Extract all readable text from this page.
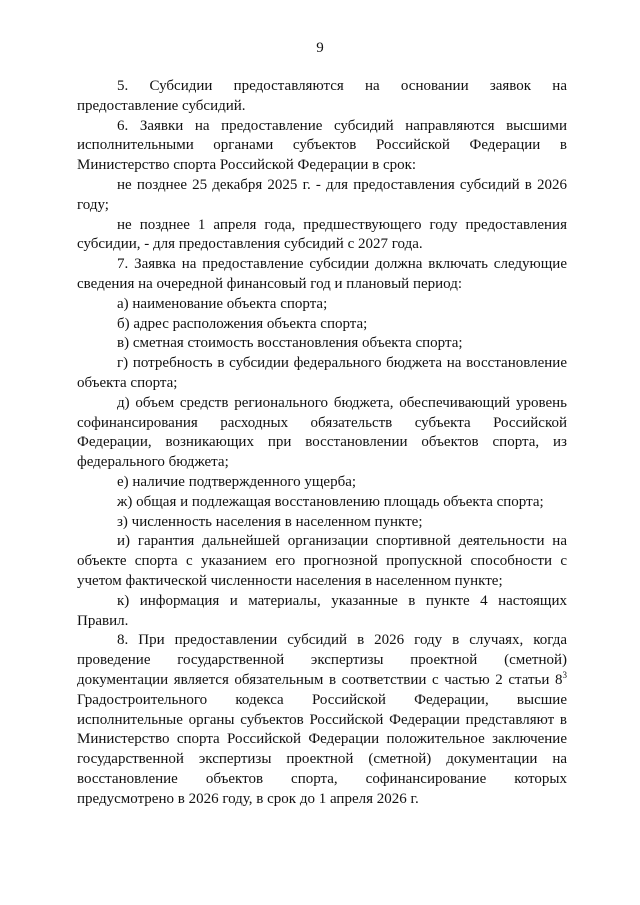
9

5. Субсидии предоставляются на основании заявок на предоставление субсидий.

6. Заявки на предоставление субсидий направляются высшими исполнительными органами субъектов Российской Федерации в Министерство спорта Российской Федерации в срок:

не позднее 25 декабря 2025 г. - для предоставления субсидий в 2026 году;

не позднее 1 апреля года, предшествующего году предоставления субсидии, - для предоставления субсидий с 2027 года.

7. Заявка на предоставление субсидии должна включать следующие сведения на очередной финансовый год и плановый период:

а) наименование объекта спорта;

б) адрес расположения объекта спорта;

в) сметная стоимость восстановления объекта спорта;

г) потребность в субсидии федерального бюджета на восстановление объекта спорта;

д) объем средств регионального бюджета, обеспечивающий уровень софинансирования расходных обязательств субъекта Российской Федерации, возникающих при восстановлении объектов спорта, из федерального бюджета;

е) наличие подтвержденного ущерба;

ж) общая и подлежащая восстановлению площадь объекта спорта;

з) численность населения в населенном пункте;

и) гарантия дальнейшей организации спортивной деятельности на объекте спорта с указанием его прогнозной пропускной способности с учетом фактической численности населения в населенном пункте;

к) информация и материалы, указанные в пункте 4 настоящих Правил.

8. При предоставлении субсидий в 2026 году в случаях, когда проведение государственной экспертизы проектной (сметной) документации является обязательным в соответствии с частью 2 статьи $8^3$ Градостроительного кодекса Российской Федерации, высшие исполнительные органы субъектов Российской Федерации представляют в Министерство спорта Российской Федерации положительное заключение государственной экспертизы проектной (сметной) документации на восстановление объектов спорта, софинансирование которых предусмотрено в 2026 году, в срок до 1 апреля 2026 г.
